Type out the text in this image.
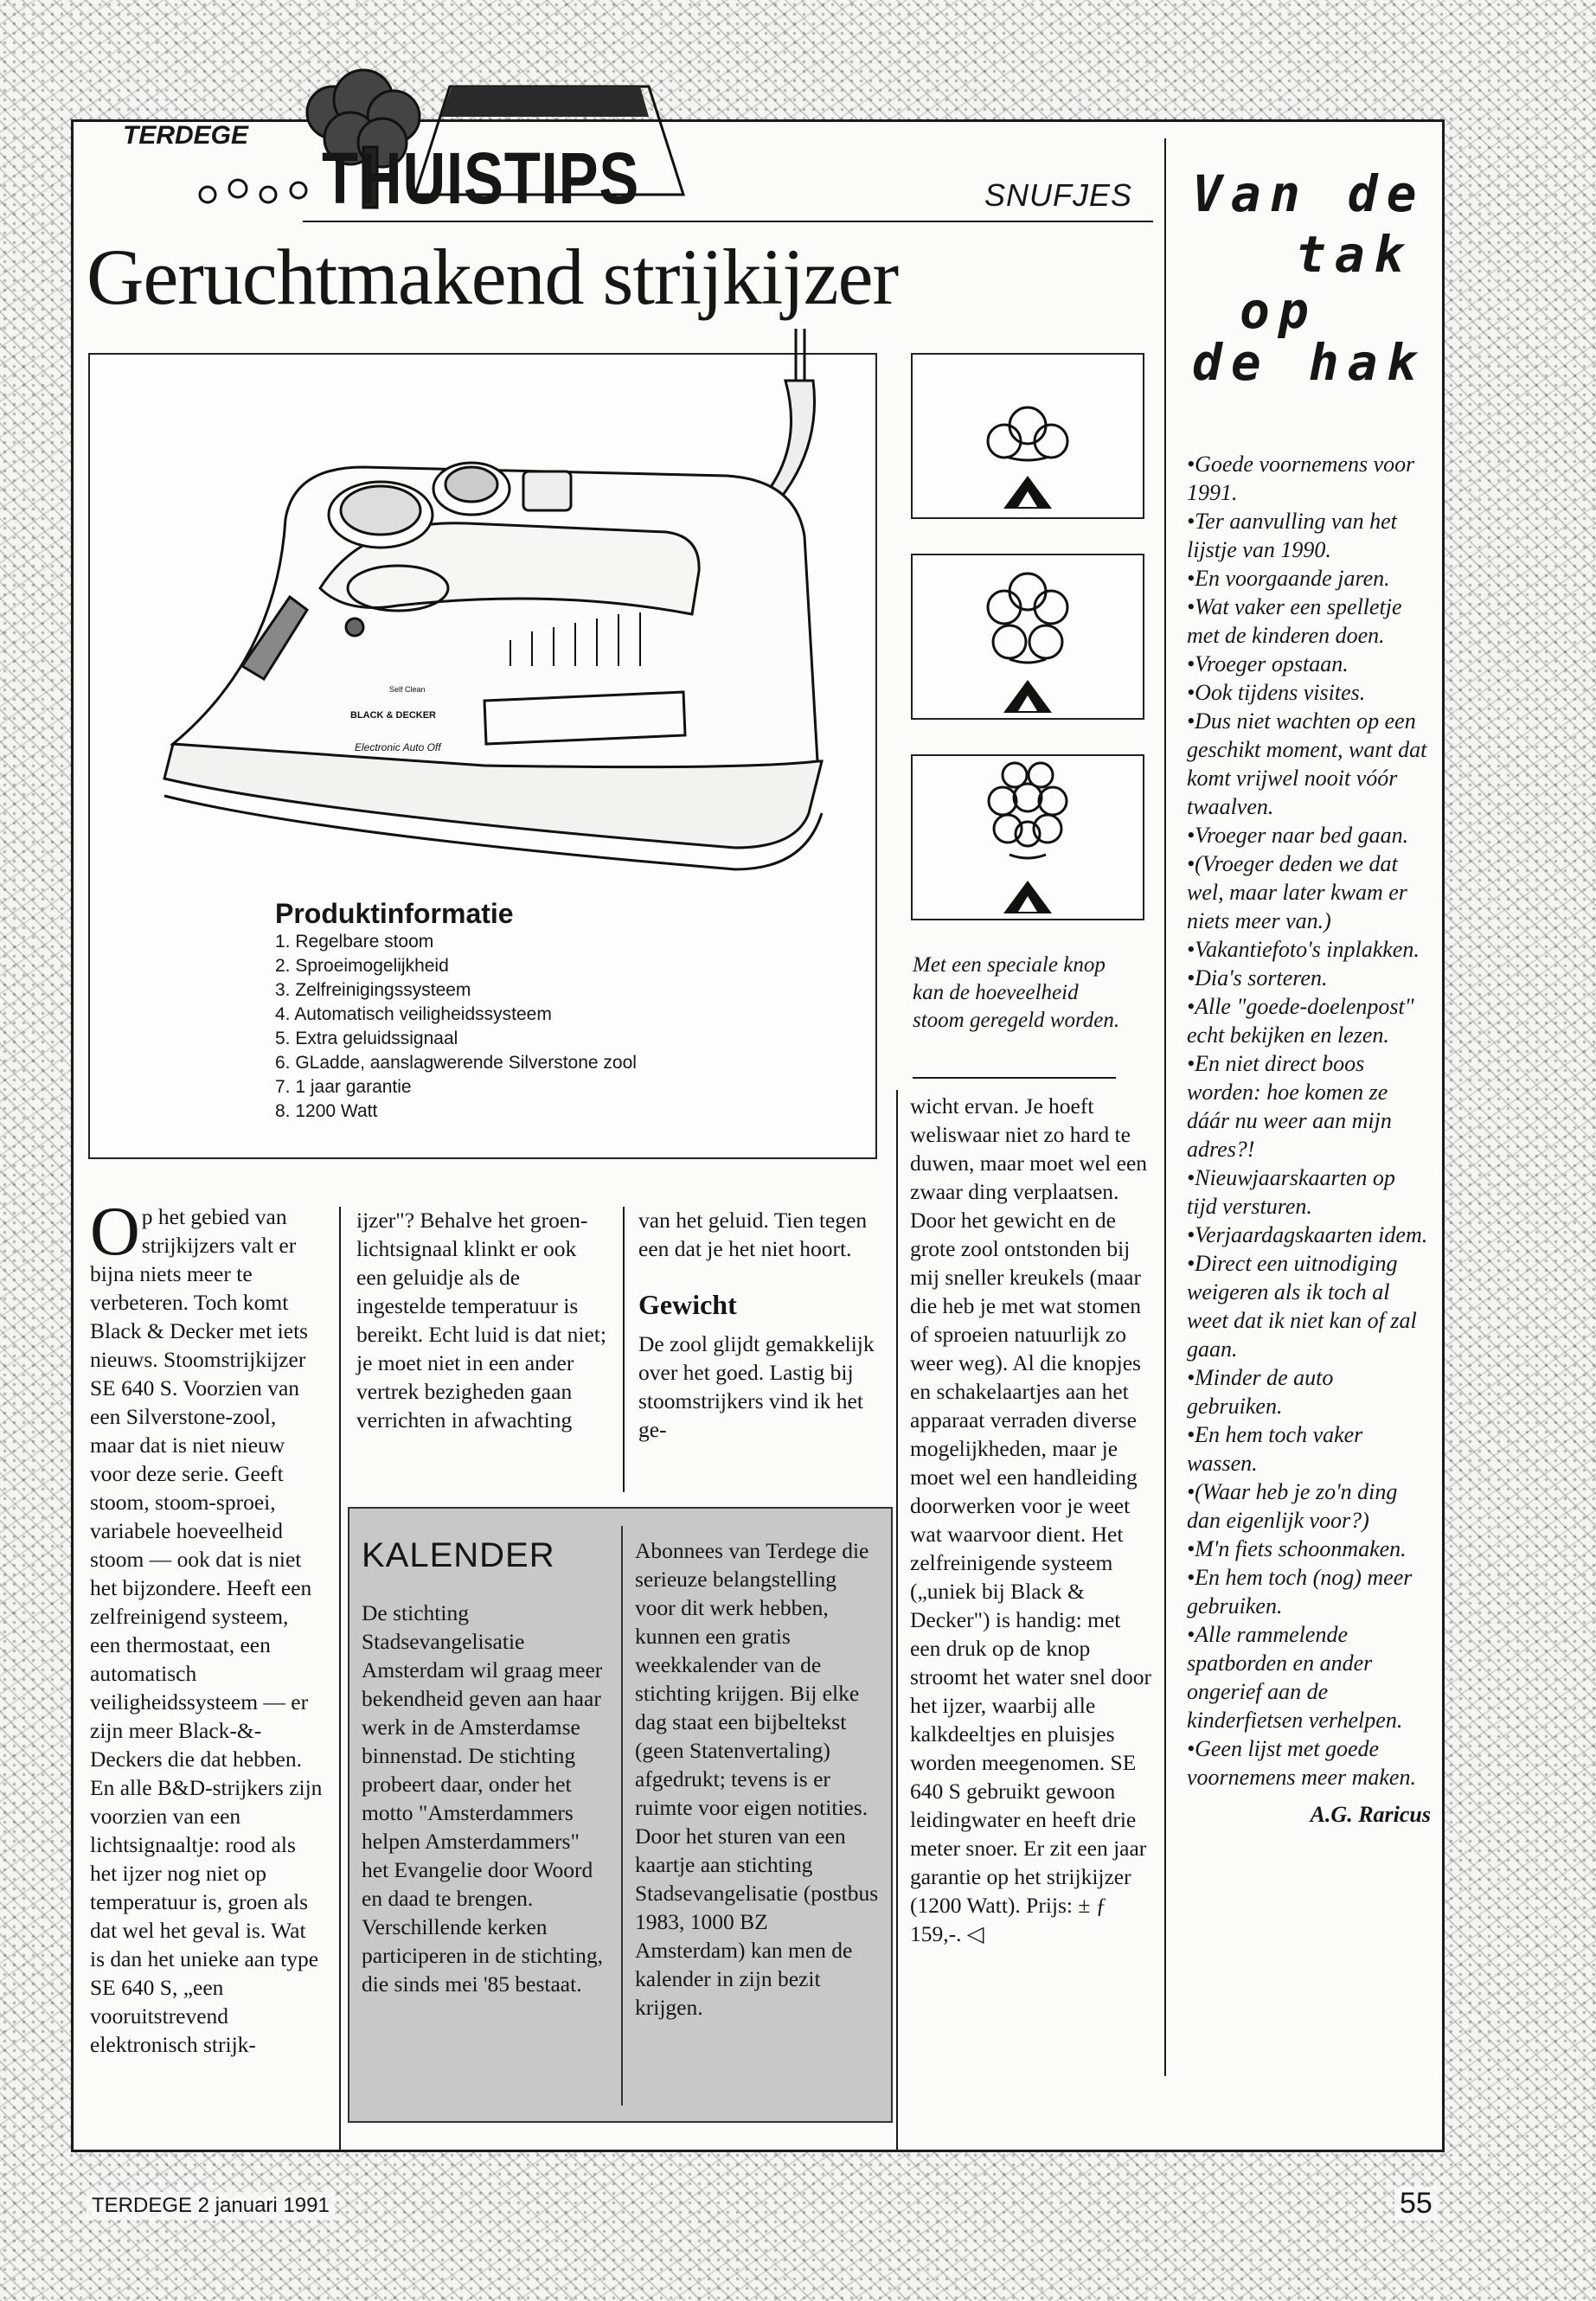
TERDEGE
THUISTIPS	SNUFJES
Geruchtmakend strijkijzer
Van de
tak
op
de hak
BLACK & DECKER
Electronic Auto Off
Self Clean
Produktinformatie
1. Regelbare stoom
2. Sproeimogelijkheid
3. Zelfreinigingssysteem
4. Automatisch veiligheidssysteem
5. Extra geluidssignaal
6. GLadde, aanslagwerende Silverstone zool
7. 1 jaar garantie
8. 1200 Watt
Met een speciale knop kan de hoeveelheid stoom geregeld worden.
O p het gebied van strijkijzers valt er bijna niets meer te verbeteren. Toch komt Black & Decker met iets nieuws. Stoomstrijkijzer SE 640 S. Voorzien van een Silverstone-zool, maar dat is niet nieuw voor deze serie. Geeft stoom, stoom-sproei, variabele hoeveelheid stoom — ook dat is niet het bijzondere. Heeft een zelfreinigend systeem, een thermostaat, een automatisch veiligheidssysteem — er zijn meer Black-&-Deckers die dat hebben. En alle B&D-strijkers zijn voorzien van een lichtsignaaltje: rood als het ijzer nog niet op temperatuur is, groen als dat wel het geval is. Wat is dan het unieke aan type SE 640 S, „een vooruitstrevend elektronisch strijk-

ijzer"? Behalve het groen-lichtsignaal klinkt er ook een geluidje als de ingestelde temperatuur is bereikt. Echt luid is dat niet; je moet niet in een ander vertrek bezigheden gaan verrichten in afwachting

van het geluid. Tien tegen een dat je het niet hoort.

Gewicht

De zool glijdt gemakkelijk over het goed. Lastig bij stoomstrijkers vind ik het ge-

wicht ervan. Je hoeft weliswaar niet zo hard te duwen, maar moet wel een zwaar ding verplaatsen. Door het gewicht en de grote zool ontstonden bij mij sneller kreukels (maar die heb je met wat stomen of sproeien natuurlijk zo weer weg). Al die knopjes en schakelaartjes aan het apparaat verraden diverse mogelijkheden, maar je moet wel een handleiding doorwerken voor je weet wat waarvoor dient. Het zelfreinigende systeem („uniek bij Black & Decker") is handig: met een druk op de knop stroomt het water snel door het ijzer, waarbij alle kalkdeeltjes en pluisjes worden meegenomen. SE 640 S gebruikt gewoon leidingwater en heeft drie meter snoer. Er zit een jaar garantie op het strijkijzer (1200 Watt). Prijs: ± ƒ 159,-. ◁

KALENDER

De stichting Stadsevangelisatie Amsterdam wil graag meer bekendheid geven aan haar werk in de Amsterdamse binnenstad. De stichting probeert daar, onder het motto "Amsterdammers helpen Amsterdammers" het Evangelie door Woord en daad te brengen. Verschillende kerken participeren in de stichting, die sinds mei '85 bestaat.

Abonnees van Terdege die serieuze belangstelling voor dit werk hebben, kunnen een gratis weekkalender van de stichting krijgen. Bij elke dag staat een bijbeltekst (geen Statenvertaling) afgedrukt; tevens is er ruimte voor eigen notities. Door het sturen van een kaartje aan stichting Stadsevangelisatie (postbus 1983, 1000 BZ Amsterdam) kan men de kalender in zijn bezit krijgen.

•Goede voornemens voor 1991.

•Ter aanvulling van het lijstje van 1990.

•En voorgaande jaren.

•Wat vaker een spelletje met de kinderen doen.

•Vroeger opstaan.

•Ook tijdens visites.

•Dus niet wachten op een geschikt moment, want dat komt vrijwel nooit vóór twaalven.

•Vroeger naar bed gaan.

•(Vroeger deden we dat wel, maar later kwam er niets meer van.)

•Vakantiefoto's inplakken.

•Dia's sorteren.

•Alle "goede-doelenpost" echt bekijken en lezen.

•En niet direct boos worden: hoe komen ze dáár nu weer aan mijn adres?!

•Nieuwjaarskaarten op tijd versturen.

•Verjaardagskaarten idem.

•Direct een uitnodiging weigeren als ik toch al weet dat ik niet kan of zal gaan.

•Minder de auto gebruiken.

•En hem toch vaker wassen.

•(Waar heb je zo'n ding dan eigenlijk voor?)

•M'n fiets schoonmaken.

•En hem toch (nog) meer gebruiken.

•Alle rammelende spatborden en ander ongerief aan de kinderfietsen verhelpen.

•Geen lijst met goede voornemens meer maken.

A.G. Raricus

TERDEGE 2 januari 1991	55
